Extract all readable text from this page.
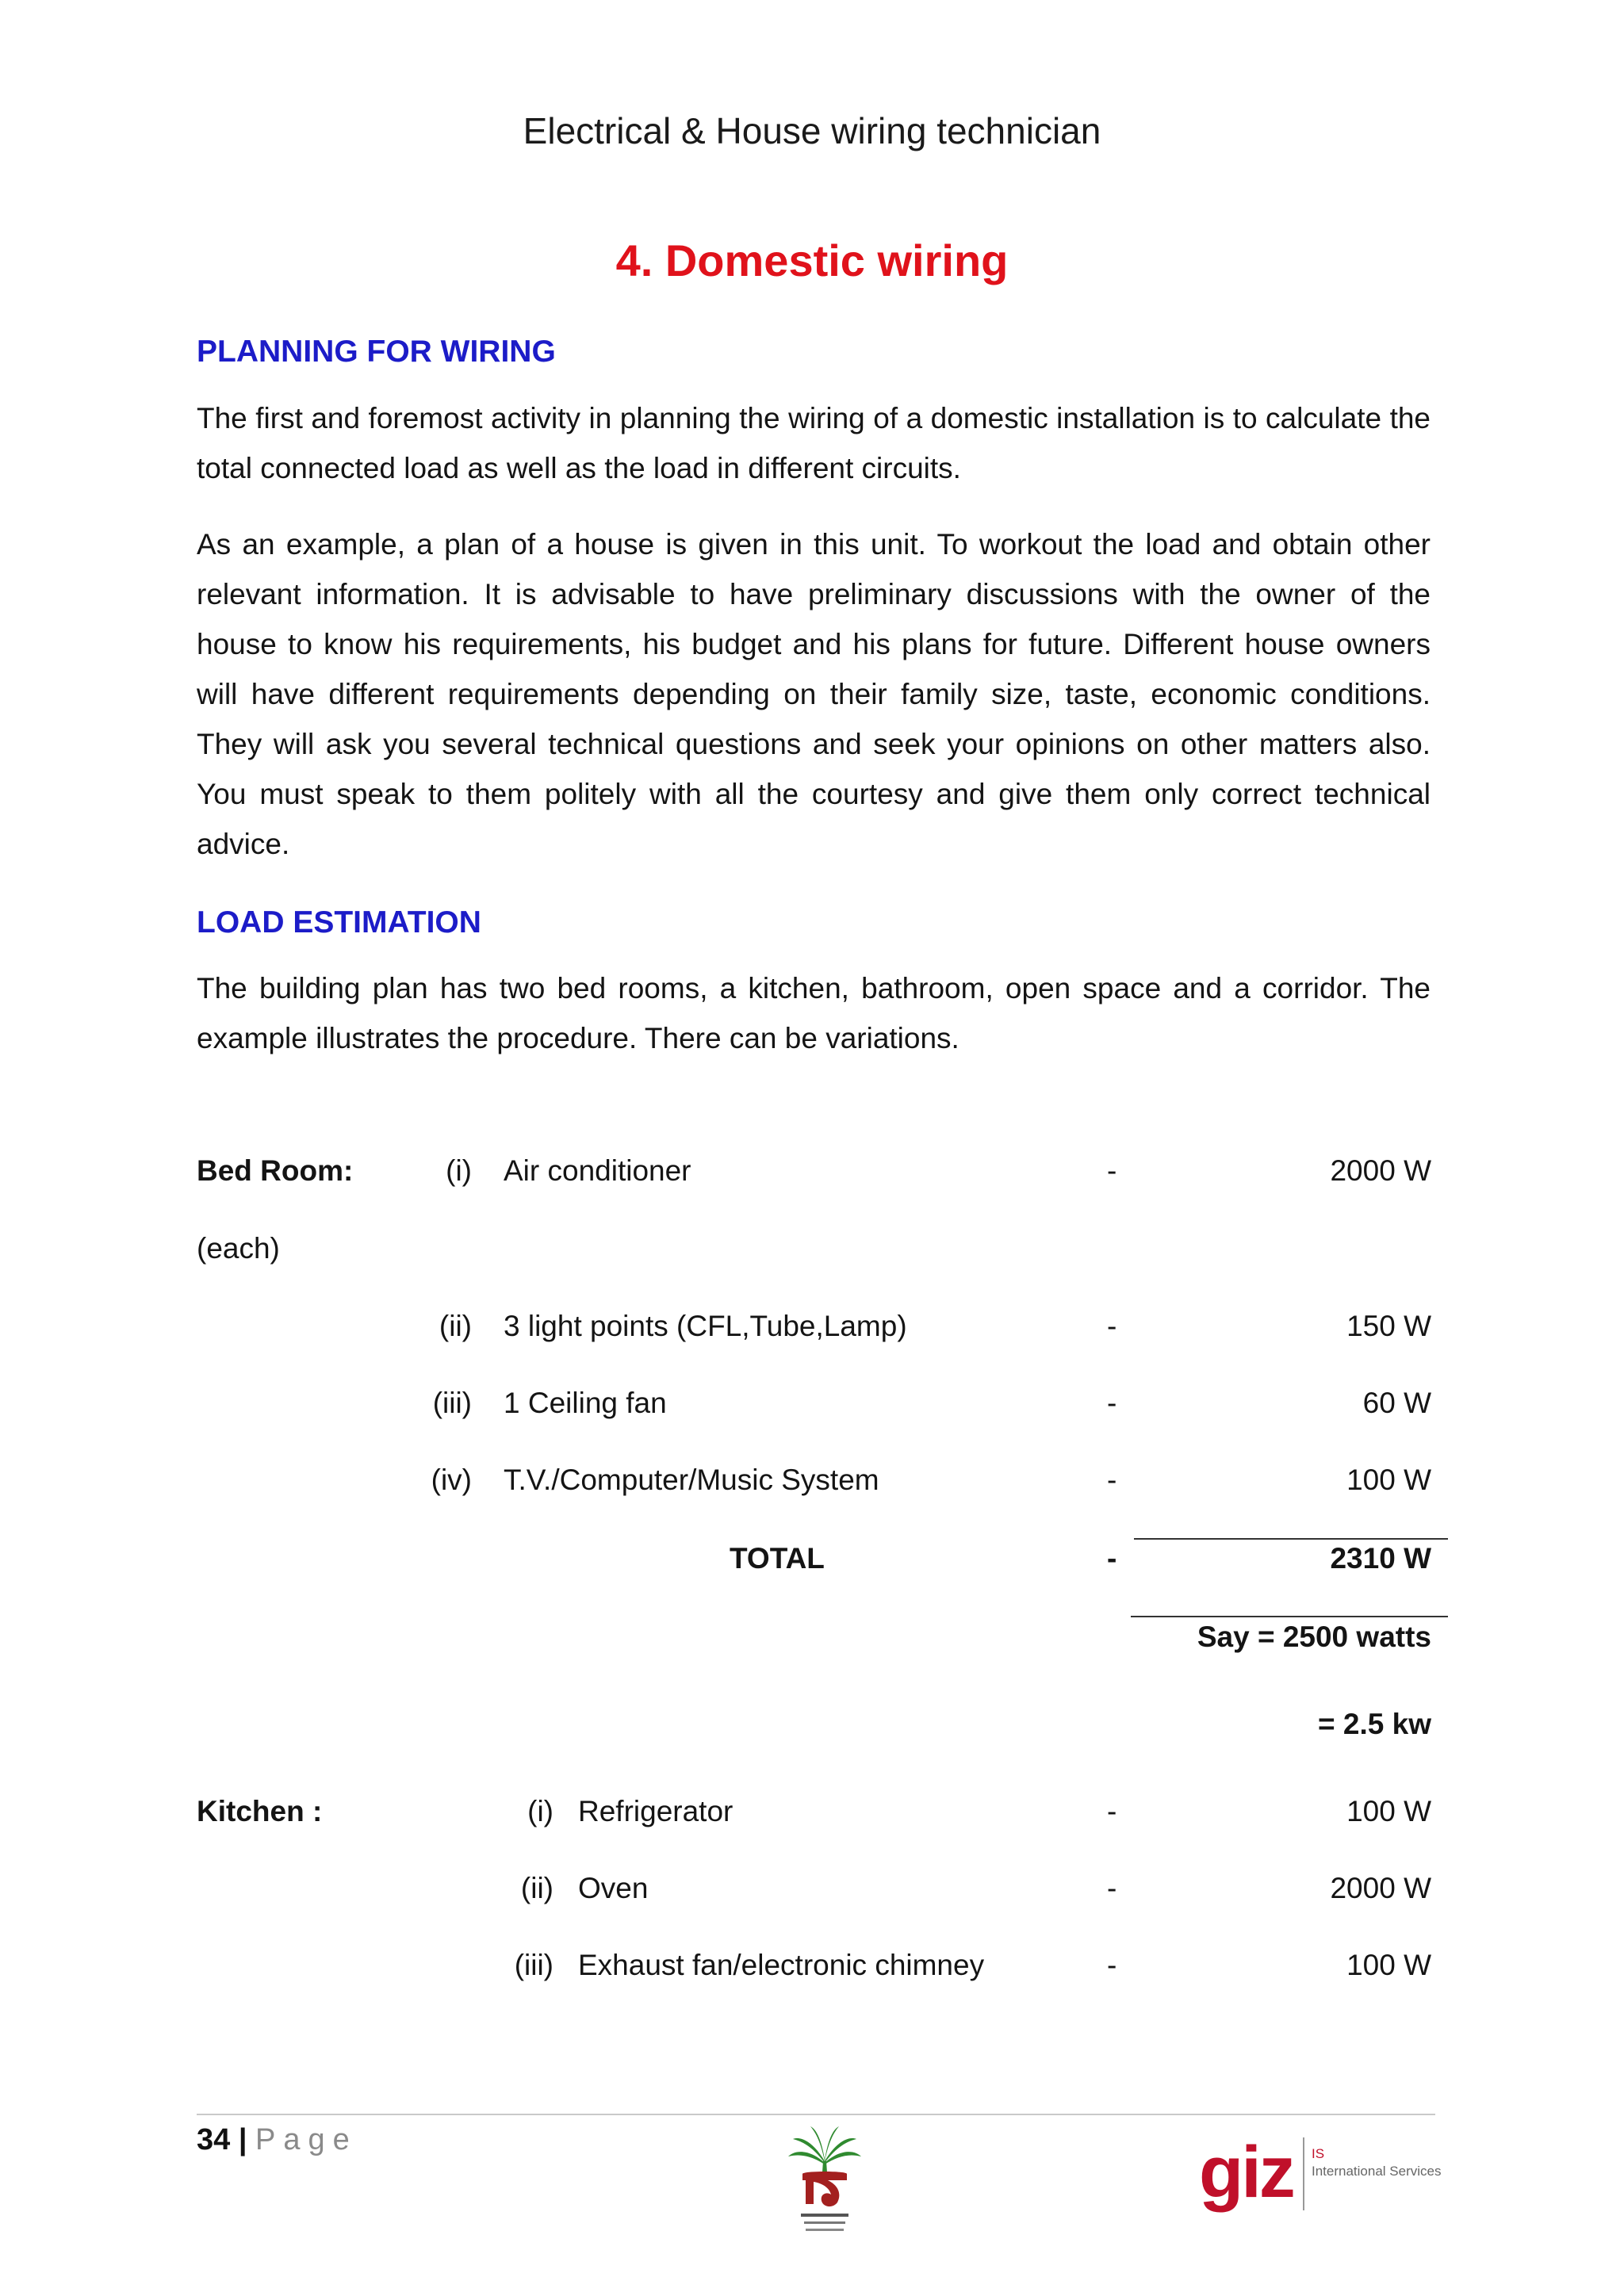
Electrical & House wiring technician
4. Domestic wiring
PLANNING FOR WIRING
The first and foremost activity in planning the wiring of a domestic installation is to calculate the total connected load as well as the load in different circuits.
As an example, a plan of a house is given in this unit. To workout the load and obtain other relevant information. It is advisable to have preliminary discussions with the owner of the house to know his requirements, his budget and his plans for future. Different house owners will have different requirements depending on their family size, taste, economic conditions. They will ask you several technical questions and seek your opinions on other matters also. You must speak to them politely with all the courtesy and give them only correct technical advice.
LOAD ESTIMATION
The building plan has two bed rooms, a kitchen, bathroom, open space and a corridor. The example illustrates the procedure. There can be variations.
Bed Room:
(each)
(i) Air conditioner	-	2000 W
(ii) 3 light points (CFL,Tube,Lamp)	-	150 W
(iii) 1 Ceiling fan	-	60 W
(iv) T.V./Computer/Music System	-	100 W
TOTAL	-	2310 W
Say = 2500 watts
= 2.5 kw
Kitchen :	(i) Refrigerator	-	100 W
(ii) Oven	-	2000 W
(iii) Exhaust fan/electronic chimney	-	100 W
34 | Page	giz IS
International Services
